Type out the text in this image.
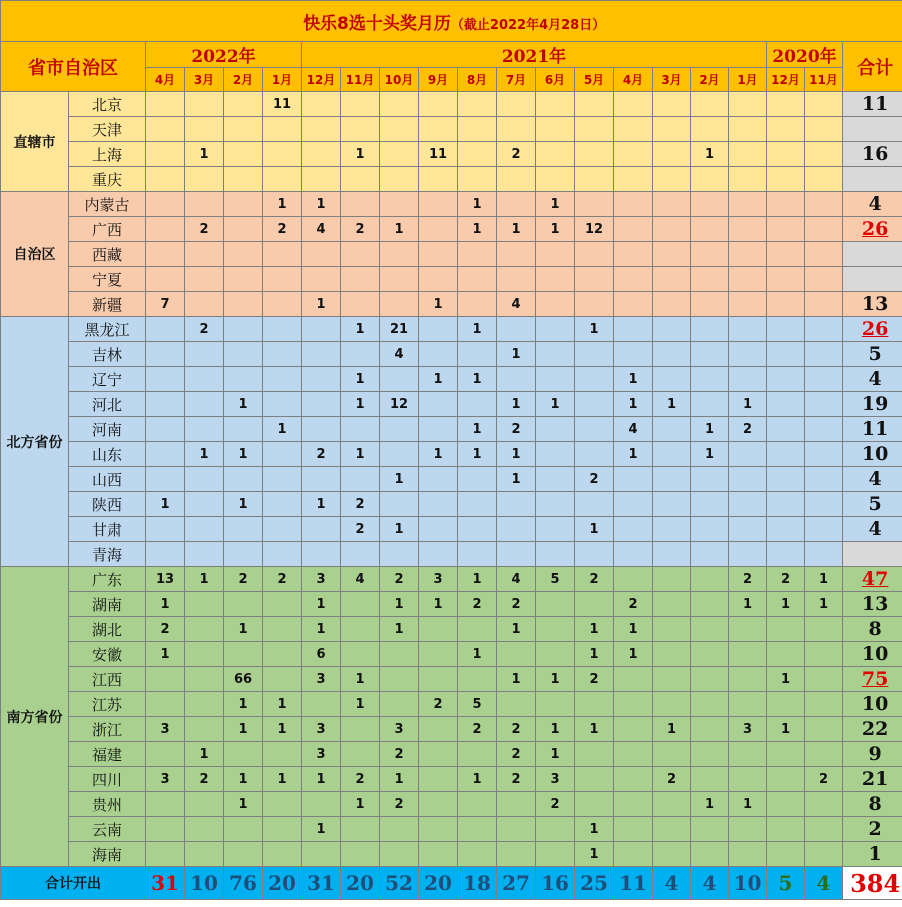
快乐8选十头奖月历（截止2022年4月28日）																				
省市自治区		2022年				2021年												2020年		合计
		4月	3月	2月	1月	12月	11月	10月	9月	8月	7月	6月	5月	4月	3月	2月	1月	12月	11月	
直辖市	北京				11															11
	天津																			
	上海		1				1		11		2					1				16
	重庆																			
自治区	内蒙古				1	1				1		1								4
	广西		2		2	4	2	1		1	1	1	12							26
	西藏																			
	宁夏																			
	新疆	7				1			1		4									13
北方省份	黑龙江		2				1	21		1			1							26
	吉林							4			1									5
	辽宁						1		1	1				1						4
	河北			1			1	12			1	1		1	1		1			19
	河南				1					1	2			4		1	2			11
	山东		1	1		2	1		1	1	1			1		1				10
	山西							1			1		2							4
	陕西	1		1		1	2													5
	甘肃						2	1					1							4
	青海																			
南方省份	广东	13	1	2	2	3	4	2	3	1	4	5	2				2	2	1	47
	湖南	1				1		1	1	2	2			2			1	1	1	13
	湖北	2		1		1		1			1		1	1						8
	安徽	1				6				1			1	1						10
	江西			66		3	1				1	1	2					1		75
	江苏			1	1		1		2	5										10
	浙江	3		1	1	3		3		2	2	1	1		1		3	1		22
	福建		1			3		2			2	1								9
	四川	3	2	1	1	1	2	1		1	2	3			2				2	21
	贵州			1			1	2				2				1	1			8
	云南					1							1							2
	海南												1							1
合计开出		31	10	76	20	31	20	52	20	18	27	16	25	11	4	4	10	5	4	384
